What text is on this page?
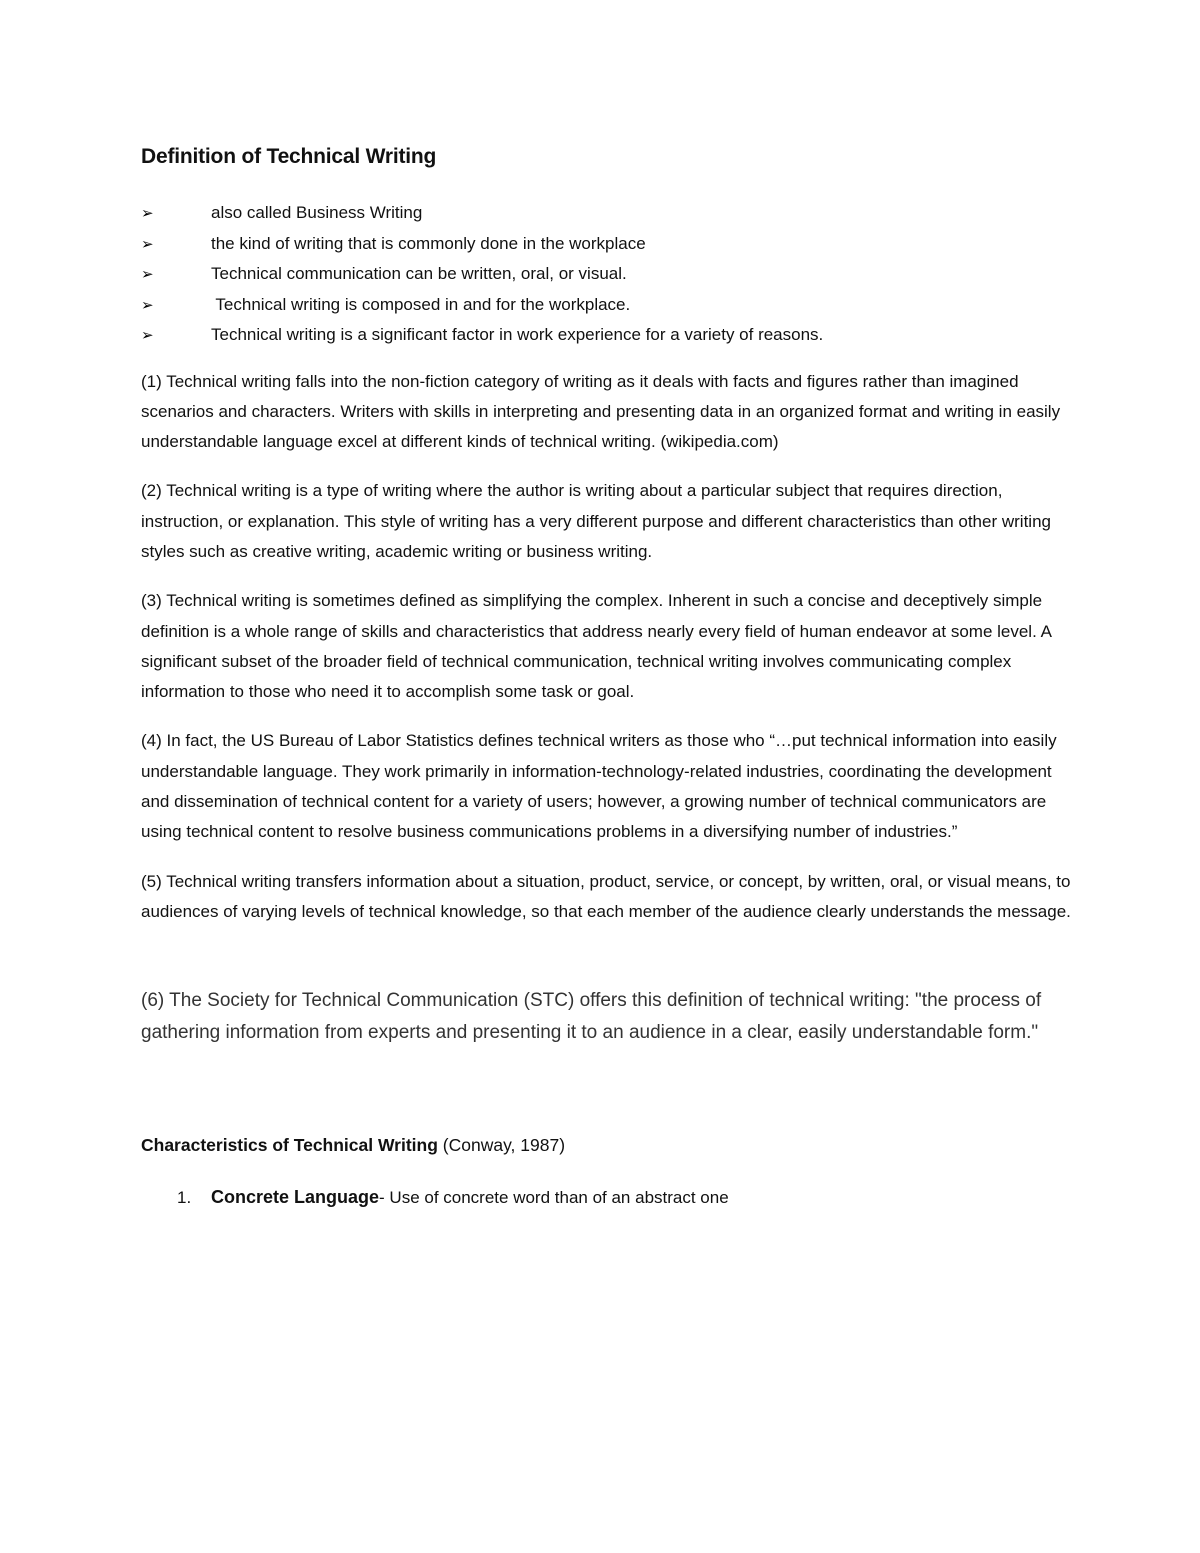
Definition of Technical Writing
➢	also called Business Writing
➢	the kind of writing that is commonly done in the workplace
➢	Technical communication can be written, oral, or visual.
➢	Technical writing is composed in and for the workplace.
➢	Technical writing is a significant factor in work experience for a variety of reasons.

(1) Technical writing falls into the non-fiction category of writing as it deals with facts and figures rather than imagined scenarios and characters. Writers with skills in interpreting and presenting data in an organized format and writing in easily understandable language excel at different kinds of technical writing. (wikipedia.com)

(2) Technical writing is a type of writing where the author is writing about a particular subject that requires direction, instruction, or explanation. This style of writing has a very different purpose and different characteristics than other writing styles such as creative writing, academic writing or business writing.

(3) Technical writing is sometimes defined as simplifying the complex. Inherent in such a concise and deceptively simple definition is a whole range of skills and characteristics that address nearly every field of human endeavor at some level. A significant subset of the broader field of technical communication, technical writing involves communicating complex information to those who need it to accomplish some task or goal.

(4) In fact, the US Bureau of Labor Statistics defines technical writers as those who “…put technical information into easily understandable language. They work primarily in information-technology-related industries, coordinating the development and dissemination of technical content for a variety of users; however, a growing number of technical communicators are using technical content to resolve business communications problems in a diversifying number of industries.”

(5) Technical writing transfers information about a situation, product, service, or concept, by written, oral, or visual means, to audiences of varying levels of technical knowledge, so that each member of the audience clearly understands the message.

(6) The Society for Technical Communication (STC) offers this definition of technical writing: "the process of gathering information from experts and presenting it to an audience in a clear, easily understandable form."

Characteristics of Technical Writing (Conway, 1987)
1.	Concrete Language- Use of concrete word than of an abstract one
